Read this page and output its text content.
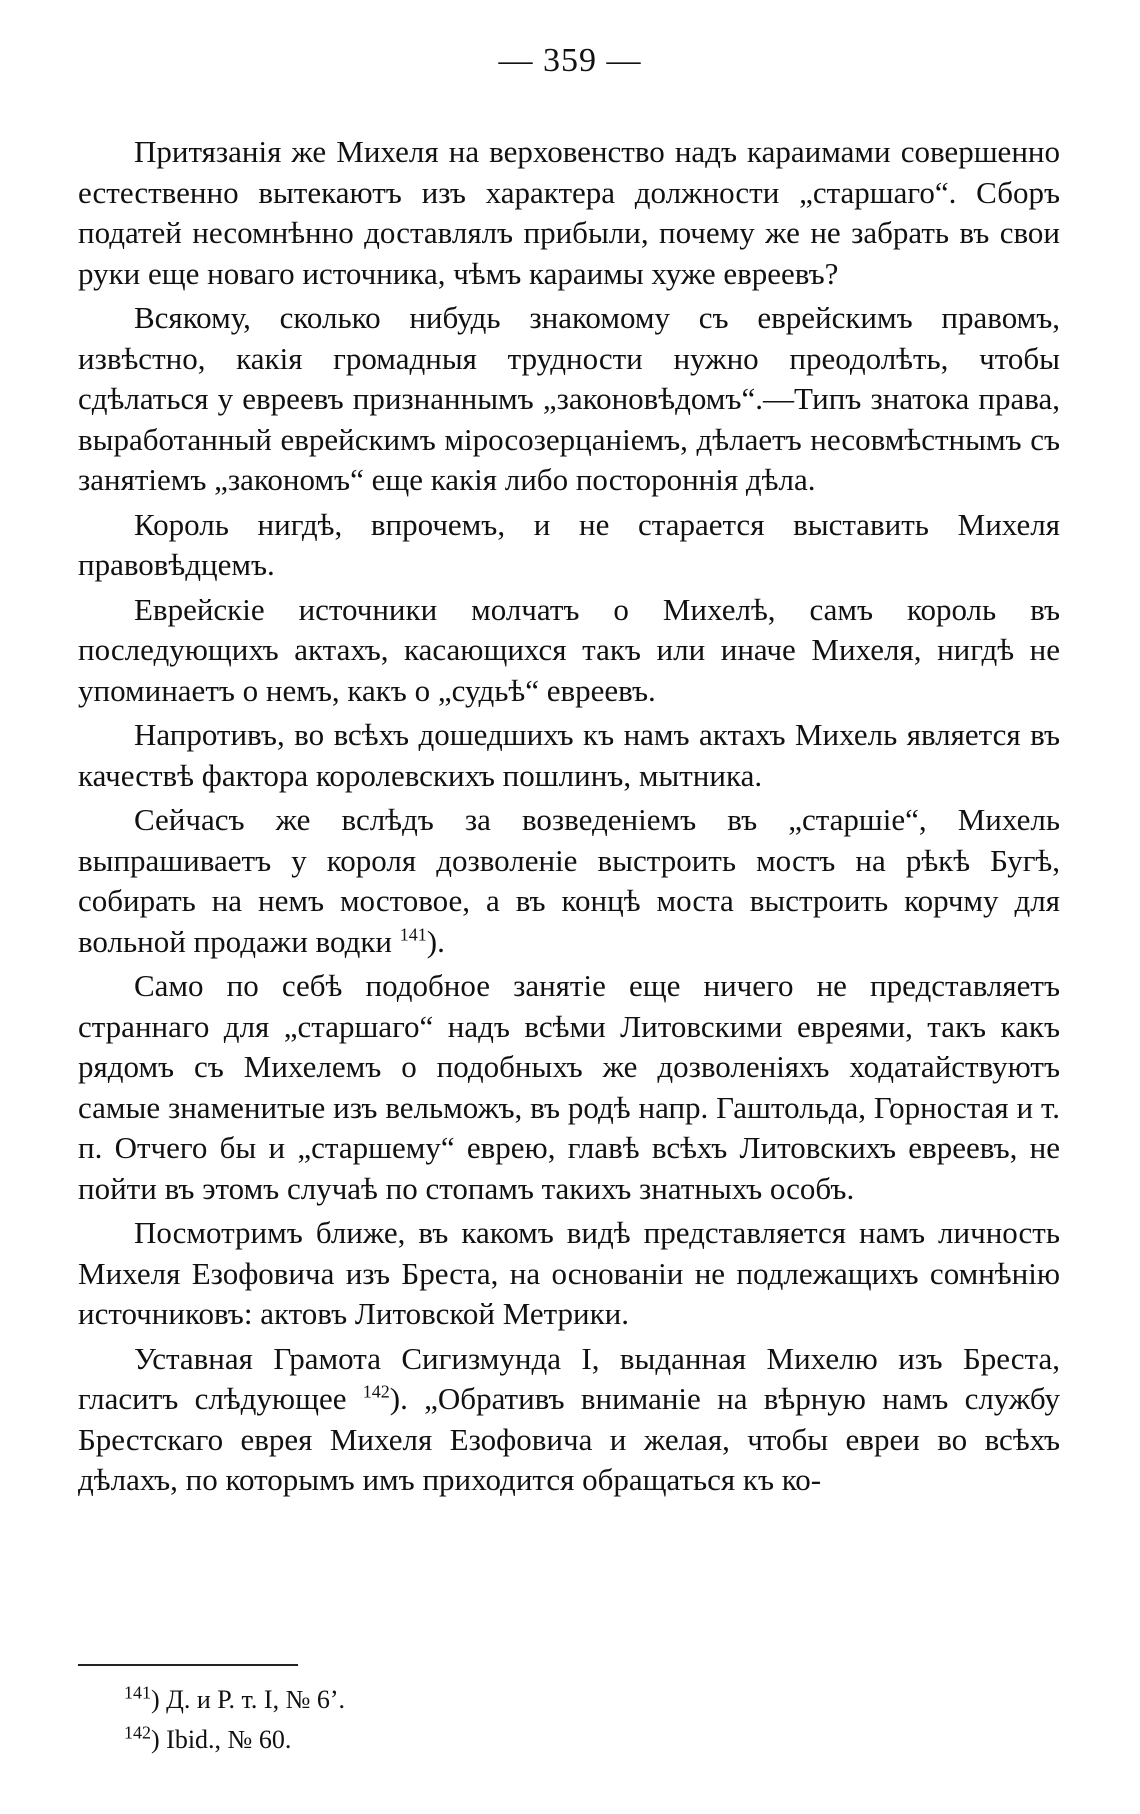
— 359 —

Притязанія же Михеля на верховенство надъ караимами совершенно естественно вытекаютъ изъ характера должности „старшаго“. Сборъ податей несомнѣнно доставлялъ прибыли, почему же не забрать въ свои руки еще новаго источника, чѣмъ караимы хуже евреевъ?

Всякому, сколько нибудь знакомому съ еврейскимъ правомъ, извѣстно, какія громадныя трудности нужно преодолѣть, чтобы сдѣлаться у евреевъ признаннымъ „законовѣдомъ“.—Типъ знатока права, выработанный еврейскимъ міросозерцаніемъ, дѣлаетъ несовмѣстнымъ съ занятіемъ „закономъ“ еще какія либо постороннія дѣла.

Король нигдѣ, впрочемъ, и не старается выставить Михеля правовѣдцемъ.

Еврейскіе источники молчатъ о Михелѣ, самъ король въ последующихъ актахъ, касающихся такъ или иначе Михеля, нигдѣ не упоминаетъ о немъ, какъ о „судьѣ“ евреевъ.

Напротивъ, во всѣхъ дошедшихъ къ намъ актахъ Михель является въ качествѣ фактора королевскихъ пошлинъ, мытника.

Сейчасъ же вслѣдъ за возведеніемъ въ „старшіе“, Михель выпрашиваетъ у короля дозволеніе выстроить мостъ на рѣкѣ Бугѣ, собирать на немъ мостовое, а въ концѣ моста выстроить корчму для вольной продажи водки $^{141}$).

Само по себѣ подобное занятіе еще ничего не представляетъ страннаго для „старшаго“ надъ всѣми Литовскими евреями, такъ какъ рядомъ съ Михелемъ о подобныхъ же дозволеніяхъ ходатайствуютъ самые знаменитые изъ вельможъ, въ родѣ напр. Гаштольда, Горностая и т. п. Отчего бы и „старшему“ еврею, главѣ всѣхъ Литовскихъ евреевъ, не пойти въ этомъ случаѣ по стопамъ такихъ знатныхъ особъ.

Посмотримъ ближе, въ какомъ видѣ представляется намъ личность Михеля Езофовича изъ Бреста, на основаніи не подлежащихъ сомнѣнію источниковъ: актовъ Литовской Метрики.

Уставная Грамота Сигизмунда I, выданная Михелю изъ Бреста, гласитъ слѣдующее $^{142}$). „Обративъ вниманіе на вѣрную намъ службу Брестскаго еврея Михеля Езофовича и желая, чтобы евреи во всѣхъ дѣлахъ, по которымъ имъ приходится обращаться къ ко-

$^{141}$) Д. и Р. т. I, № 6’.

$^{142}$) Ibid., № 60.
